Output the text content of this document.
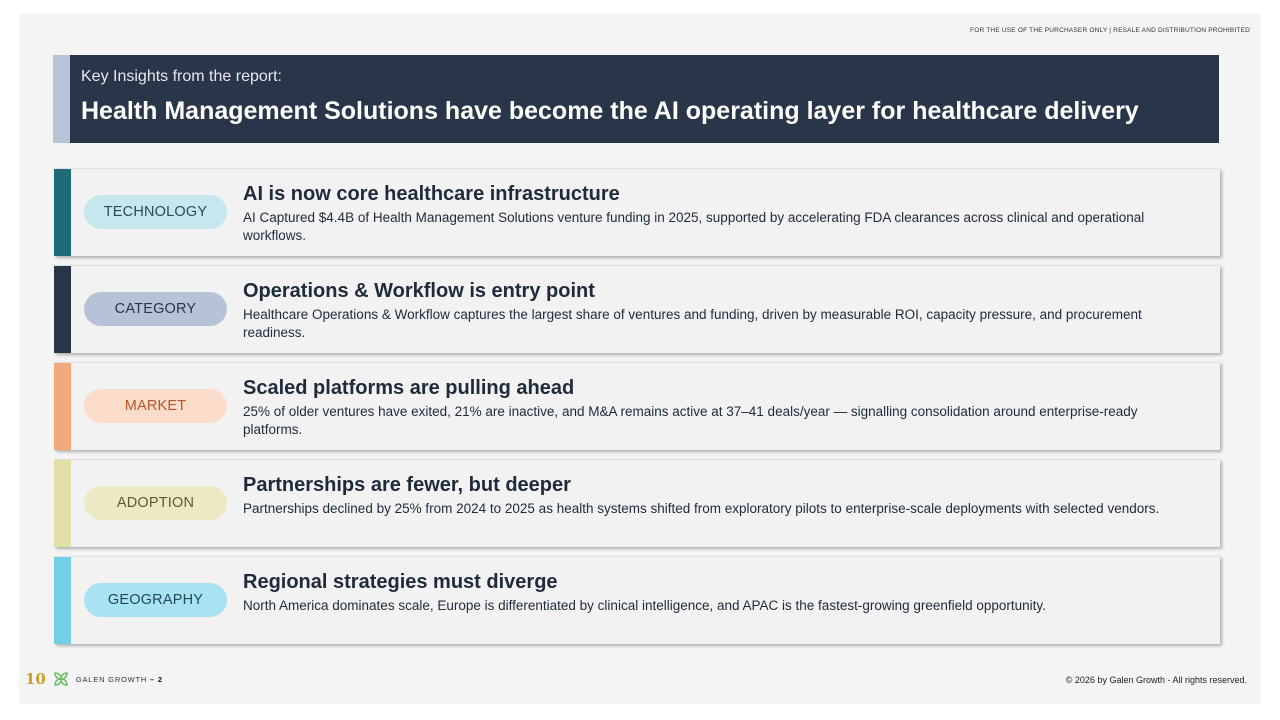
FOR THE USE OF THE PURCHASER ONLY | RESALE AND DISTRIBUTION PROHIBITED
Key Insights from the report:
Health Management Solutions have become the AI operating layer for healthcare delivery
TECHNOLOGY
AI is now core healthcare infrastructure
AI Captured $4.4B of Health Management Solutions venture funding in 2025, supported by accelerating FDA clearances across clinical and operational workflows.
CATEGORY
Operations & Workflow is entry point
Healthcare Operations & Workflow captures the largest share of ventures and funding, driven by measurable ROI, capacity pressure, and procurement readiness.
MARKET
Scaled platforms are pulling ahead
25% of older ventures have exited, 21% are inactive, and M&A remains active at 37–41 deals/year — signalling consolidation around enterprise-ready platforms.
ADOPTION
Partnerships are fewer, but deeper
Partnerships declined by 25% from 2024 to 2025 as health systems shifted from exploratory pilots to enterprise-scale deployments with selected vendors.
GEOGRAPHY
Regional strategies must diverge
North America dominates scale, Europe is differentiated by clinical intelligence, and APAC is the fastest-growing greenfield opportunity.
10	GALEN GROWTH – 2	© 2026 by Galen Growth - All rights reserved.
